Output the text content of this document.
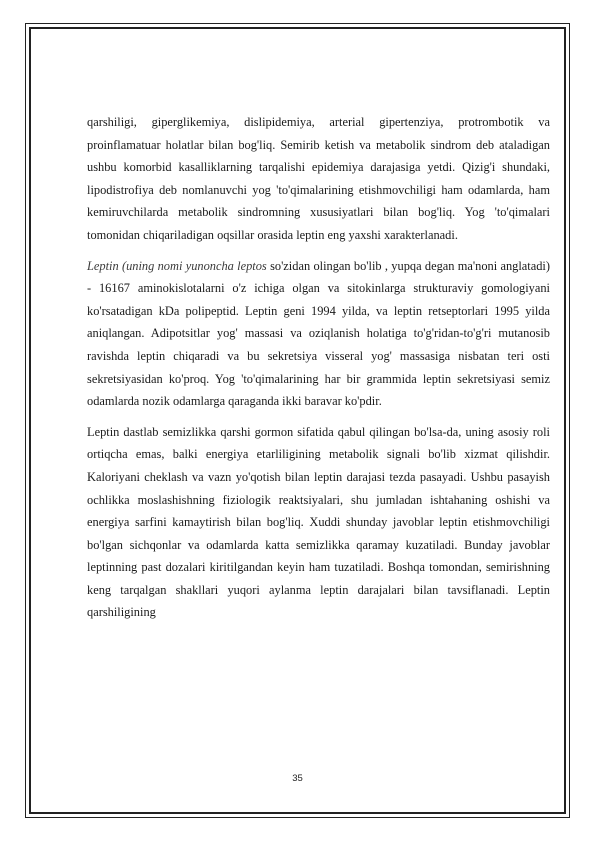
qarshiligi, giperglikemiya, dislipidemiya, arterial gipertenziya, protrombotik va proinflamatuar holatlar bilan bog'liq. Semirib ketish va metabolik sindrom deb ataladigan ushbu komorbid kasalliklarning tarqalishi epidemiya darajasiga yetdi. Qizig'i shundaki, lipodistrofiya deb nomlanuvchi yog 'to'qimalarining etishmovchiligi ham odamlarda, ham kemiruvchilarda metabolik sindromning xususiyatlari bilan bog'liq. Yog 'to'qimalari tomonidan chiqariladigan oqsillar orasida leptin eng yaxshi xarakterlanadi.

Leptin (uning nomi yunoncha leptos so'zidan olingan bo'lib , yupqa degan ma'noni anglatadi) - 16167 aminokislotalarni o'z ichiga olgan va sitokinlarga strukturaviy gomologiyani ko'rsatadigan kDa polipeptid. Leptin geni 1994 yilda, va leptin retseptorlari 1995 yilda aniqlangan. Adipotsitlar yog' massasi va oziqlanish holatiga to'g'ridan-to'g'ri mutanosib ravishda leptin chiqaradi va bu sekretsiya visseral yog' massasiga nisbatan teri osti sekretsiyasidan ko'proq. Yog 'to'qimalarining har bir grammida leptin sekretsiyasi semiz odamlarda nozik odamlarga qaraganda ikki baravar ko'pdir.

Leptin dastlab semizlikka qarshi gormon sifatida qabul qilingan bo'lsa-da, uning asosiy roli ortiqcha emas, balki energiya etarliligining metabolik signali bo'lib xizmat qilishdir. Kaloriyani cheklash va vazn yo'qotish bilan leptin darajasi tezda pasayadi. Ushbu pasayish ochlikka moslashishning fiziologik reaktsiyalari, shu jumladan ishtahaning oshishi va energiya sarfini kamaytirish bilan bog'liq. Xuddi shunday javoblar leptin etishmovchiligi bo'lgan sichqonlar va odamlarda katta semizlikka qaramay kuzatiladi. Bunday javoblar leptinning past dozalari kiritilgandan keyin ham tuzatiladi. Boshqa tomondan, semirishning keng tarqalgan shakllari yuqori aylanma leptin darajalari bilan tavsiflanadi. Leptin qarshiligining

35
